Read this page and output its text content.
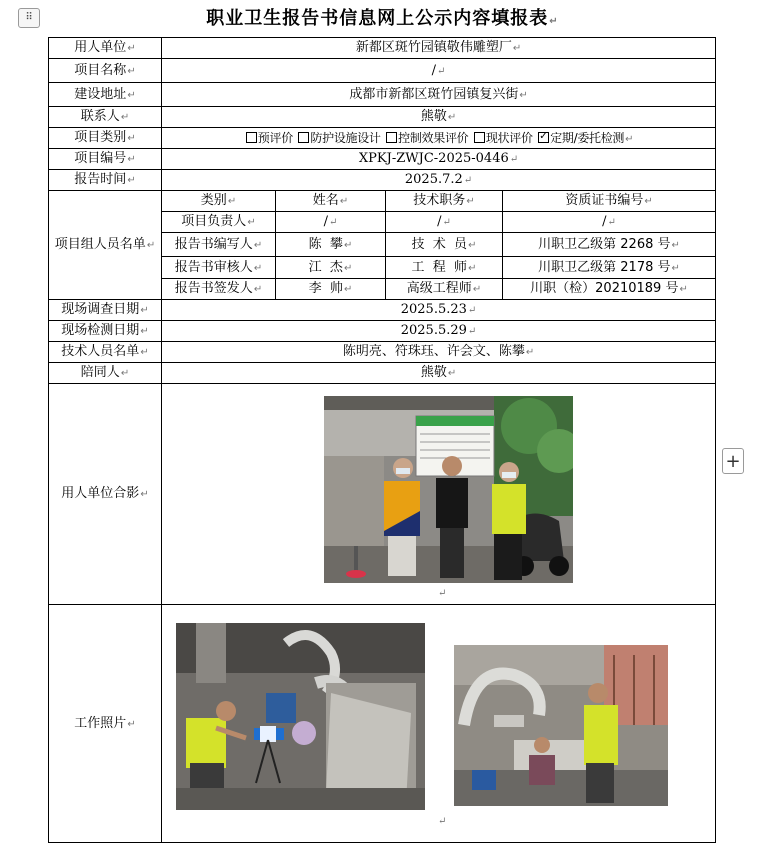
⠿	职业卫生报告书信息网上公示内容填报表↵
用人单位↵	新都区斑竹园镇敬伟雕塑厂↵			
项目名称↵	/↵			
建设地址↵	成都市新都区斑竹园镇复兴街↵			
联系人↵	熊敬↵			
项目类别↵	预评价 防护设施设计 控制效果评价 现状评价 ✓ 定期/委托检测↵
项目编号↵	XPKJ-ZWJC-2025-0446↵			
报告时间↵	2025.7.2↵			
项目组人员名单↵	类别↵	姓名↵	技术职务↵	资质证书编号↵
	项目负责人↵	/↵	/↵	/↵
	报告书编写人↵	陈  攀↵	技  术  员↵	川职卫乙级第 2268 号↵
	报告书审核人↵	江  杰↵	工  程  师↵	川职卫乙级第 2178 号↵
	报告书签发人↵	李  帅↵	高级工程师↵	川职（检）20210189 号↵
现场调查日期↵	2025.5.23↵			
现场检测日期↵	2025.5.29↵			
技术人员名单↵	陈明亮、符珠珏、许会文、陈攀↵			
陪同人↵	熊敬↵			
用人单位合影↵	↵			

工作照片↵	↵			
+
